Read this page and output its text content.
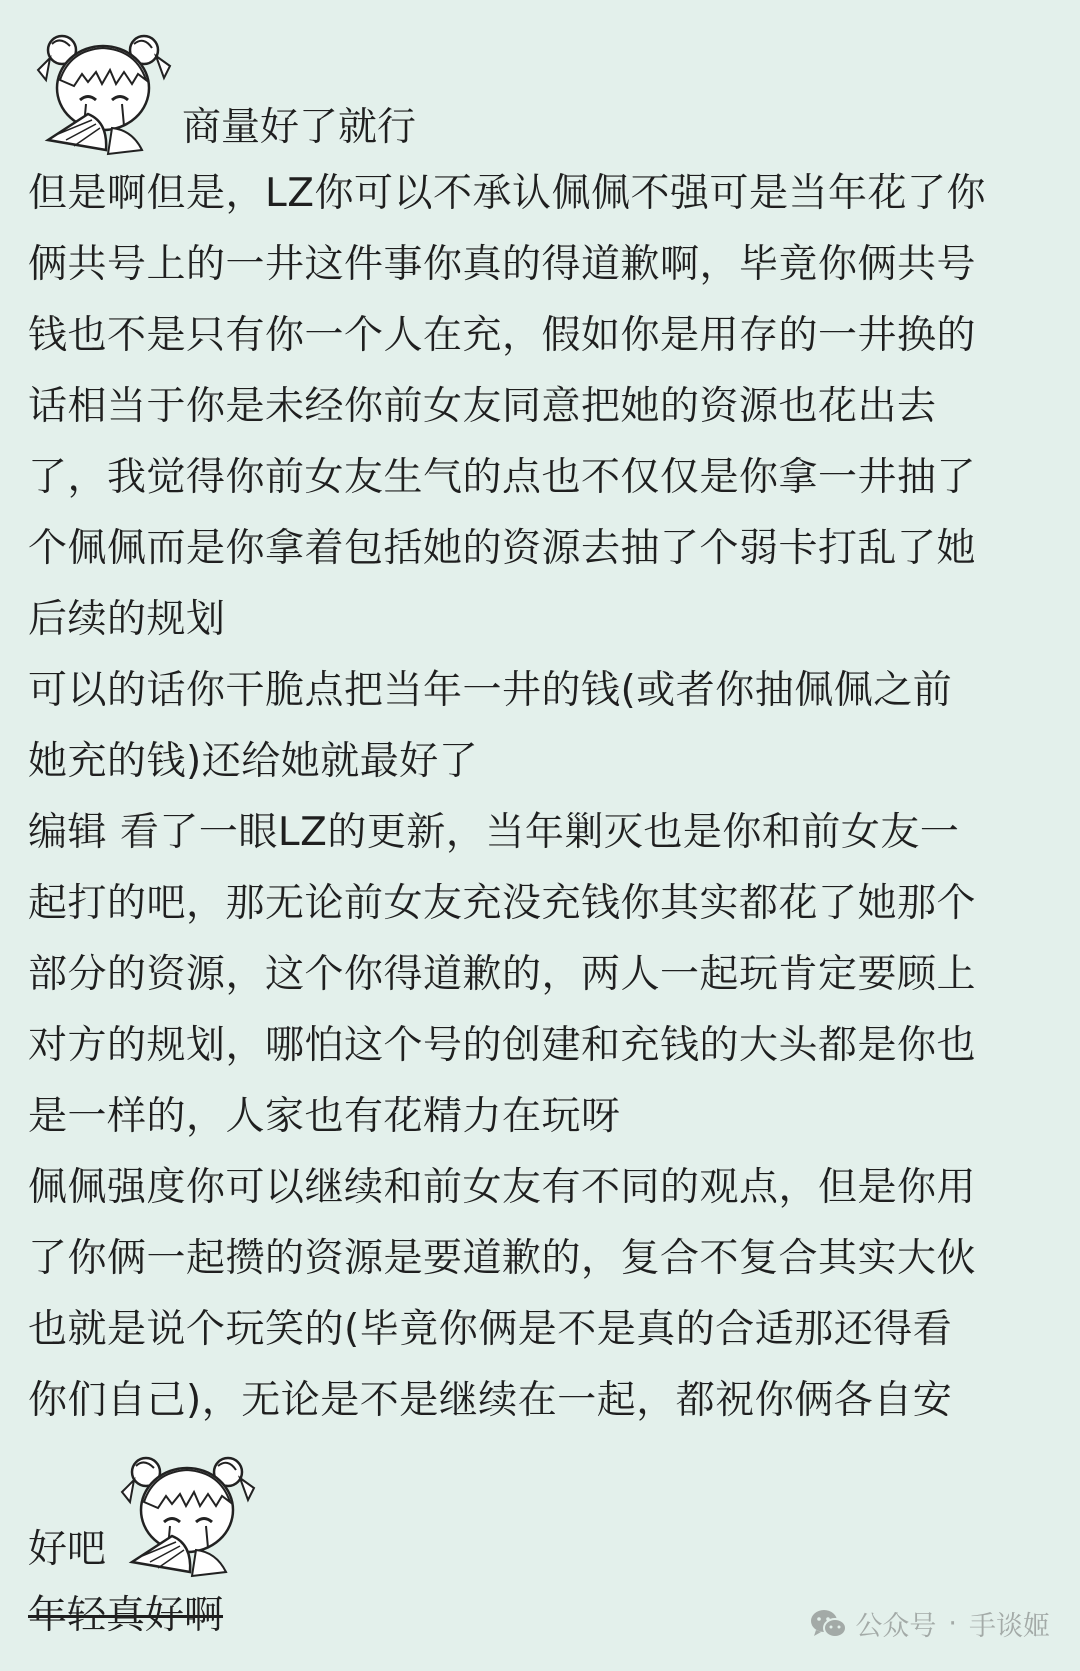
商量好了就行
但是啊但是，LZ你可以不承认佩佩不强可是当年花了你
俩共号上的一井这件事你真的得道歉啊，毕竟你俩共号
钱也不是只有你一个人在充，假如你是用存的一井换的
话相当于你是未经你前女友同意把她的资源也花出去
了，我觉得你前女友生气的点也不仅仅是你拿一井抽了
个佩佩而是你拿着包括她的资源去抽了个弱卡打乱了她
后续的规划
可以的话你干脆点把当年一井的钱(或者你抽佩佩之前
她充的钱)还给她就最好了
编辑 看了一眼LZ的更新，当年剿灭也是你和前女友一
起打的吧，那无论前女友充没充钱你其实都花了她那个
部分的资源，这个你得道歉的，两人一起玩肯定要顾上
对方的规划，哪怕这个号的创建和充钱的大头都是你也
是一样的，人家也有花精力在玩呀
佩佩强度你可以继续和前女友有不同的观点，但是你用
了你俩一起攒的资源是要道歉的，复合不复合其实大伙
也就是说个玩笑的(毕竟你俩是不是真的合适那还得看
你们自己)，无论是不是继续在一起，都祝你俩各自安
好吧
年轻真好啊	公众号 · 手谈姬
